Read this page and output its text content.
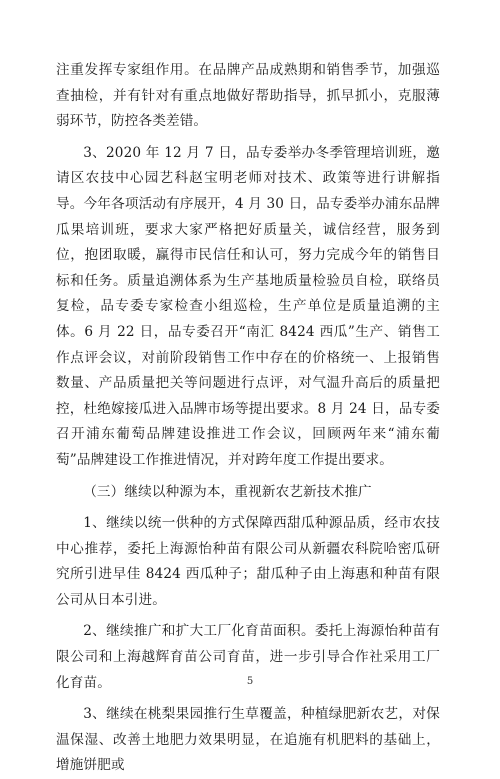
注重发挥专家组作用。在品牌产品成熟期和销售季节，加强巡查抽检，并有针对有重点地做好帮助指导，抓早抓小，克服薄弱环节，防控各类差错。

3、2020 年 12 月 7 日，品专委举办冬季管理培训班，邀请区农技中心园艺科赵宝明老师对技术、政策等进行讲解指导。今年各项活动有序展开，4 月 30 日，品专委举办浦东品牌瓜果培训班，要求大家严格把好质量关，诚信经营，服务到位，抱团取暖，赢得市民信任和认可，努力完成今年的销售目标和任务。质量追溯体系为生产基地质量检验员自检，联络员复检，品专委专家检查小组巡检，生产单位是质量追溯的主体。6 月 22 日，品专委召开“南汇 8424 西瓜”生产、销售工作点评会议，对前阶段销售工作中存在的价格统一、上报销售数量、产品质量把关等问题进行点评，对气温升高后的质量把控，杜绝嫁接瓜进入品牌市场等提出要求。8 月 24 日，品专委召开浦东葡萄品牌建设推进工作会议，回顾两年来“浦东葡萄”品牌建设工作推进情况，并对跨年度工作提出要求。

（三）继续以种源为本，重视新农艺新技术推广

1、继续以统一供种的方式保障西甜瓜种源品质，经市农技中心推荐，委托上海源怡种苗有限公司从新疆农科院哈密瓜研究所引进早佳 8424 西瓜种子；甜瓜种子由上海惠和种苗有限公司从日本引进。

2、继续推广和扩大工厂化育苗面积。委托上海源怡种苗有限公司和上海越辉育苗公司育苗，进一步引导合作社采用工厂化育苗。

3、继续在桃梨果园推行生草覆盖，种植绿肥新农艺，对保温保湿、改善土地肥力效果明显，在追施有机肥料的基础上，增施饼肥或

5
